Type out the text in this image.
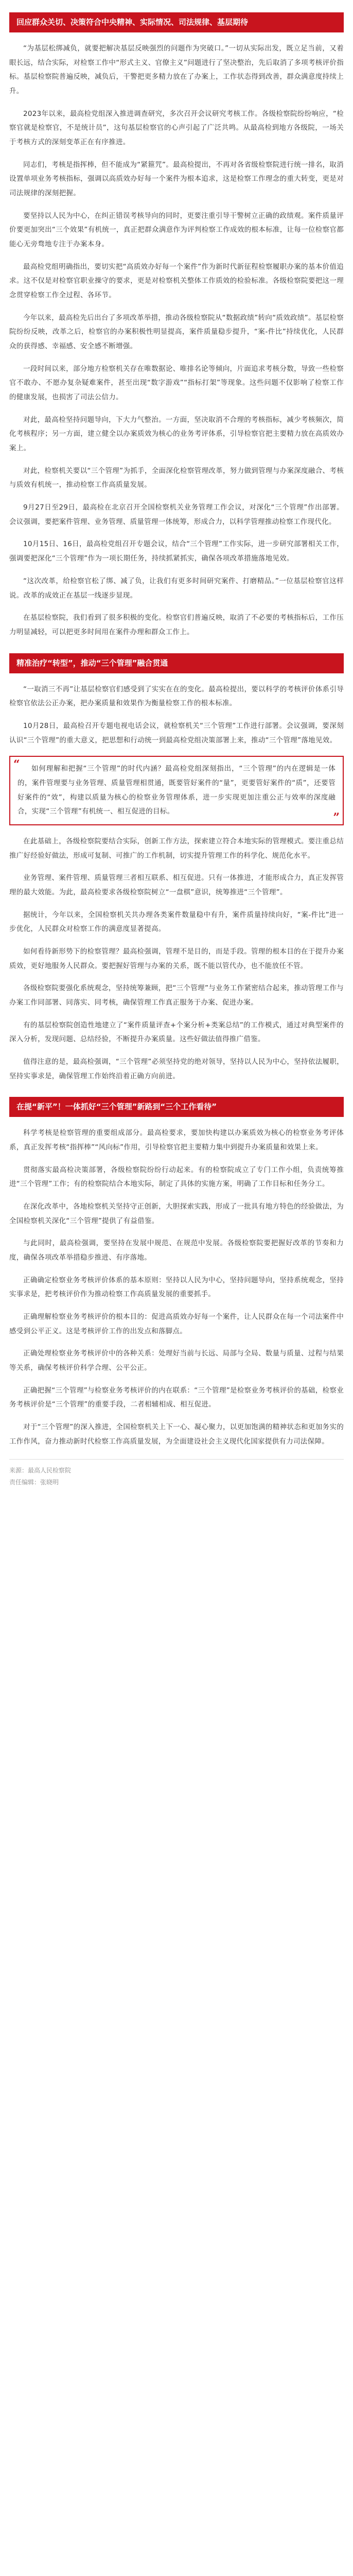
回应群众关切、决策符合中央精神、实际情况、司法规律、基层期待

“为基层松绑减负，就要把解决基层反映强烈的问题作为突破口。”一切从实际出发，既立足当前，又着眼长远，结合实际，对检察工作中“形式主义、官僚主义”问题进行了坚决整治，先后取消了多项考核评价指标。基层检察院普遍反映，减负后，干警把更多精力放在了办案上，工作状态得到改善，群众满意度持续上升。

2023年以来，最高检党组深入推进调查研究，多次召开会议研究考核工作。各级检察院纷纷响应，“检察官就是检察官，不是统计员”，这句基层检察官的心声引起了广泛共鸣。从最高检到地方各级院，一场关于考核方式的深刻变革正在有序推进。

同志们，考核是指挥棒，但不能成为“紧箍咒”。最高检提出，不再对各省级检察院进行统一排名，取消设置单项业务考核指标，强调以高质效办好每一个案件为根本追求，这是检察工作理念的重大转变，更是对司法规律的深刻把握。

要坚持以人民为中心，在纠正错误考核导向的同时，更要注重引导干警树立正确的政绩观。案件质量评价要更加突出“三个效果”有机统一，真正把群众满意作为评判检察工作成效的根本标准，让每一位检察官都能心无旁骛地专注于办案本身。

最高检党组明确指出，要切实把“高质效办好每一个案件”作为新时代新征程检察履职办案的基本价值追求。这不仅是对检察官职业操守的要求，更是对检察机关整体工作质效的检验标准。各级检察院要把这一理念贯穿检察工作全过程、各环节。

今年以来，最高检先后出台了多项改革举措，推动各级检察院从“数据政绩”转向“质效政绩”。基层检察院纷纷反映，改革之后，检察官的办案积极性明显提高，案件质量稳步提升，“案-件比”持续优化，人民群众的获得感、幸福感、安全感不断增强。

一段时间以来，部分地方检察机关存在唯数据论、唯排名论等倾向，片面追求考核分数，导致一些检察官不敢办、不愿办复杂疑难案件，甚至出现“数字游戏”“指标打架”等现象。这些问题不仅影响了检察工作的健康发展，也损害了司法公信力。

对此，最高检坚持问题导向，下大力气整治。一方面，坚决取消不合理的考核指标，减少考核频次，简化考核程序；另一方面，建立健全以办案质效为核心的业务考评体系，引导检察官把主要精力放在高质效办案上。

对此，检察机关要以“三个管理”为抓手，全面深化检察管理改革，努力做到管理与办案深度融合、考核与质效有机统一，推动检察工作高质量发展。

9月27日至29日，最高检在北京召开全国检察机关业务管理工作会议，对深化“三个管理”作出部署。会议强调，要把案件管理、业务管理、质量管理一体统筹，形成合力，以科学管理推动检察工作现代化。

10月15日、16日，最高检党组召开专题会议，结合“三个管理”工作实际，进一步研究部署相关工作，强调要把深化“三个管理”作为一项长期任务，持续抓紧抓实，确保各项改革措施落地见效。

“这次改革，给检察官松了绑、减了负，让我们有更多时间研究案件、打磨精品。”一位基层检察官这样说。改革的成效正在基层一线逐步显现。

在基层检察院，我们看到了很多积极的变化。检察官们普遍反映，取消了不必要的考核指标后，工作压力明显减轻，可以把更多时间用在案件办理和群众工作上。

精准治疗“转型”，推动“三个管理”融合贯通

“一取消三不再”让基层检察官们感受到了实实在在的变化。最高检提出，要以科学的考核评价体系引导检察官依法公正办案，把办案质量和效果作为衡量检察工作的根本标准。

10月28日，最高检召开专题电视电话会议，就检察机关“三个管理”工作进行部署。会议强调，要深刻认识“三个管理”的重大意义，把思想和行动统一到最高检党组决策部署上来，推动“三个管理”落地见效。

“	如何理解和把握“三个管理”的时代内涵？最高检党组深刻指出，“三个管理”的内在逻辑是一体的，案件管理要与业务管理、质量管理相贯通，既要管好案件的“量”，更要管好案件的“质”，还要管好案件的“效”，构建以质量为核心的检察业务管理体系，进一步实现更加注重公正与效率的深度融合，实现“三个管理”有机统一、相互促进的目标。	”

在此基础上，各级检察院要结合实际，创新工作方法，探索建立符合本地实际的管理模式。要注重总结推广好经验好做法，形成可复制、可推广的工作机制，切实提升管理工作的科学化、规范化水平。

业务管理、案件管理、质量管理三者相互联系、相互促进。只有一体推进，才能形成合力，真正发挥管理的最大效能。为此，最高检要求各级检察院树立“一盘棋”意识，统筹推进“三个管理”。

据统计，今年以来，全国检察机关共办理各类案件数量稳中有升，案件质量持续向好，“案-件比”进一步优化，人民群众对检察工作的满意度显著提高。

如何看待新形势下的检察管理？最高检强调，管理不是目的，而是手段。管理的根本目的在于提升办案质效，更好地服务人民群众。要把握好管理与办案的关系，既不能以管代办，也不能放任不管。

各级检察院要强化系统观念，坚持统筹兼顾，把“三个管理”与业务工作紧密结合起来，推动管理工作与办案工作同部署、同落实、同考核，确保管理工作真正服务于办案、促进办案。

有的基层检察院创造性地建立了“案件质量评查+个案分析+类案总结”的工作模式，通过对典型案件的深入分析，发现问题、总结经验，不断提升办案质量。这些好做法值得推广借鉴。

值得注意的是，最高检强调，“三个管理”必须坚持党的绝对领导，坚持以人民为中心，坚持依法履职，坚持实事求是，确保管理工作始终沿着正确方向前进。

在提“新平”！一体抓好“三个管理”新路到“三个工作看待”

科学考核是检察管理的重要组成部分。最高检要求，要加快构建以办案质效为核心的检察业务考评体系，真正发挥考核“指挥棒”“风向标”作用，引导检察官把主要精力集中到提升办案质量和效果上来。

贯彻落实最高检决策部署，各级检察院纷纷行动起来。有的检察院成立了专门工作小组，负责统筹推进“三个管理”工作；有的检察院结合本地实际，制定了具体的实施方案，明确了工作目标和任务分工。

在深化改革中，各地检察机关坚持守正创新，大胆探索实践，形成了一批具有地方特色的经验做法，为全国检察机关深化“三个管理”提供了有益借鉴。

与此同时，最高检强调，要坚持在发展中规范、在规范中发展。各级检察院要把握好改革的节奏和力度，确保各项改革举措稳步推进、有序落地。

正确确定检察业务考核评价体系的基本原则：坚持以人民为中心，坚持问题导向，坚持系统观念，坚持实事求是，把考核评价作为推动检察工作高质量发展的重要抓手。

正确理解检察业务考核评价的根本目的：促进高质效办好每一个案件，让人民群众在每一个司法案件中感受到公平正义。这是考核评价工作的出发点和落脚点。

正确处理检察业务考核评价中的各种关系：处理好当前与长远、局部与全局、数量与质量、过程与结果等关系，确保考核评价科学合理、公平公正。

正确把握“三个管理”与检察业务考核评价的内在联系：“三个管理”是检察业务考核评价的基础，检察业务考核评价是“三个管理”的重要手段，二者相辅相成、相互促进。

对于“三个管理”的深入推进，全国检察机关上下一心、凝心聚力，以更加饱满的精神状态和更加务实的工作作风，奋力推动新时代检察工作高质量发展，为全面建设社会主义现代化国家提供有力司法保障。

来源：最高人民检察院
责任编辑：张晓明
